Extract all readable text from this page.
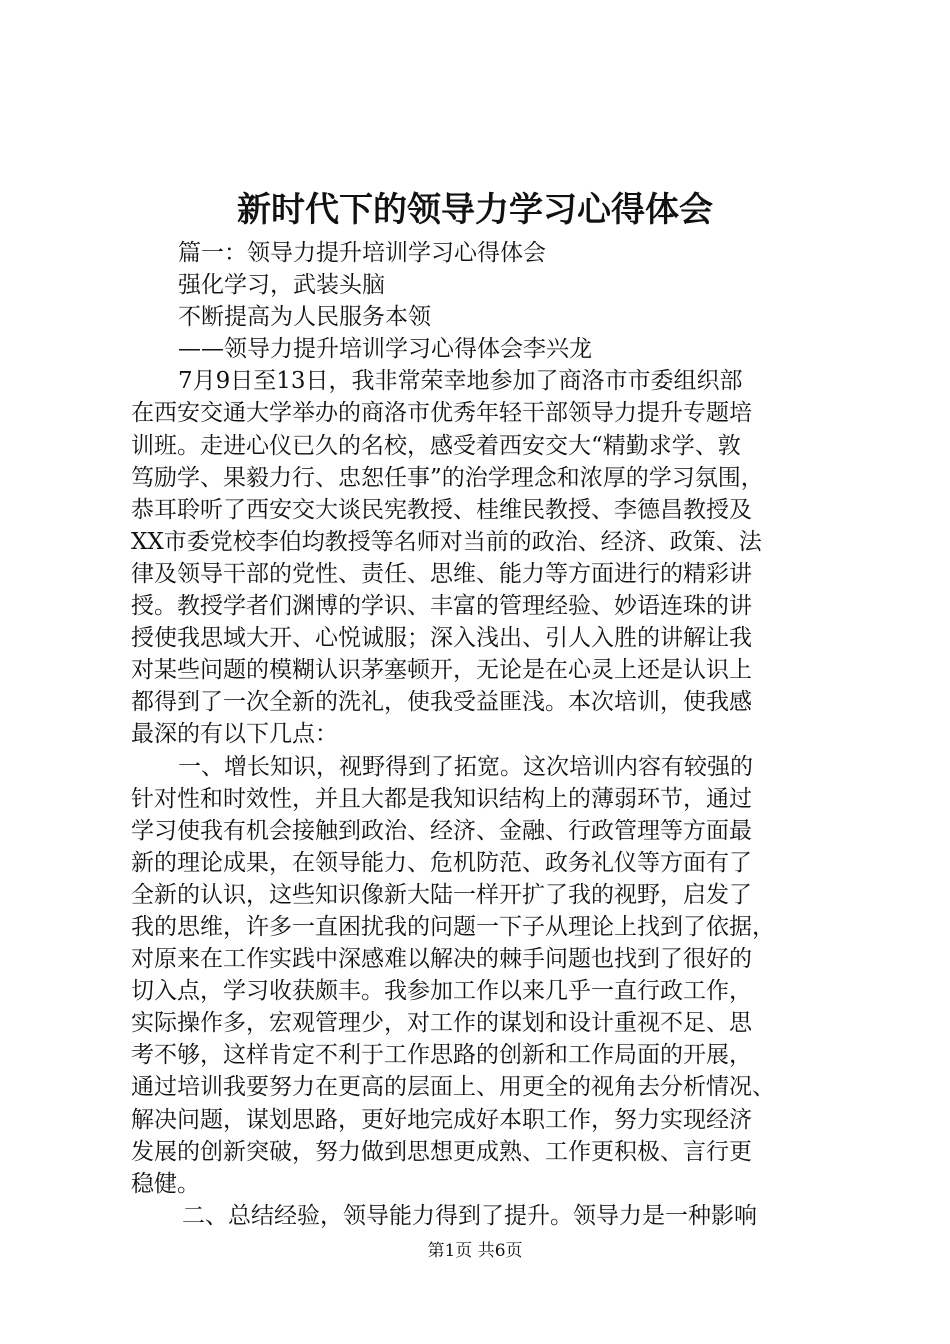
新时代下的领导力学习心得体会
篇一：领导力提升培训学习心得体会
强化学习，武装头脑
不断提高为人民服务本领
——领导力提升培训学习心得体会李兴龙
7月9日至13日，我非常荣幸地参加了商洛市市委组织部
在西安交通大学举办的商洛市优秀年轻干部领导力提升专题培
训班。走进心仪已久的名校，感受着西安交大“精勤求学、敦
笃励学、果毅力行、忠恕任事”的治学理念和浓厚的学习氛围，
恭耳聆听了西安交大谈民宪教授、桂维民教授、李德昌教授及
XX市委党校李伯均教授等名师对当前的政治、经济、政策、法
律及领导干部的党性、责任、思维、能力等方面进行的精彩讲
授。教授学者们渊博的学识、丰富的管理经验、妙语连珠的讲
授使我思域大开、心悦诚服；深入浅出、引人入胜的讲解让我
对某些问题的模糊认识茅塞顿开，无论是在心灵上还是认识上
都得到了一次全新的洗礼，使我受益匪浅。本次培训，使我感
最深的有以下几点：
一、增长知识，视野得到了拓宽。这次培训内容有较强的
针对性和时效性，并且大都是我知识结构上的薄弱环节，通过
学习使我有机会接触到政治、经济、金融、行政管理等方面最
新的理论成果，在领导能力、危机防范、政务礼仪等方面有了
全新的认识，这些知识像新大陆一样开扩了我的视野，启发了
我的思维，许多一直困扰我的问题一下子从理论上找到了依据，
对原来在工作实践中深感难以解决的棘手问题也找到了很好的
切入点，学习收获颇丰。我参加工作以来几乎一直行政工作，
实际操作多，宏观管理少，对工作的谋划和设计重视不足、思
考不够，这样肯定不利于工作思路的创新和工作局面的开展，
通过培训我要努力在更高的层面上、用更全的视角去分析情况、
解决问题，谋划思路，更好地完成好本职工作，努力实现经济
发展的创新突破，努力做到思想更成熟、工作更积极、言行更
稳健。
二、总结经验，领导能力得到了提升。领导力是一种影响
第1页 共6页
